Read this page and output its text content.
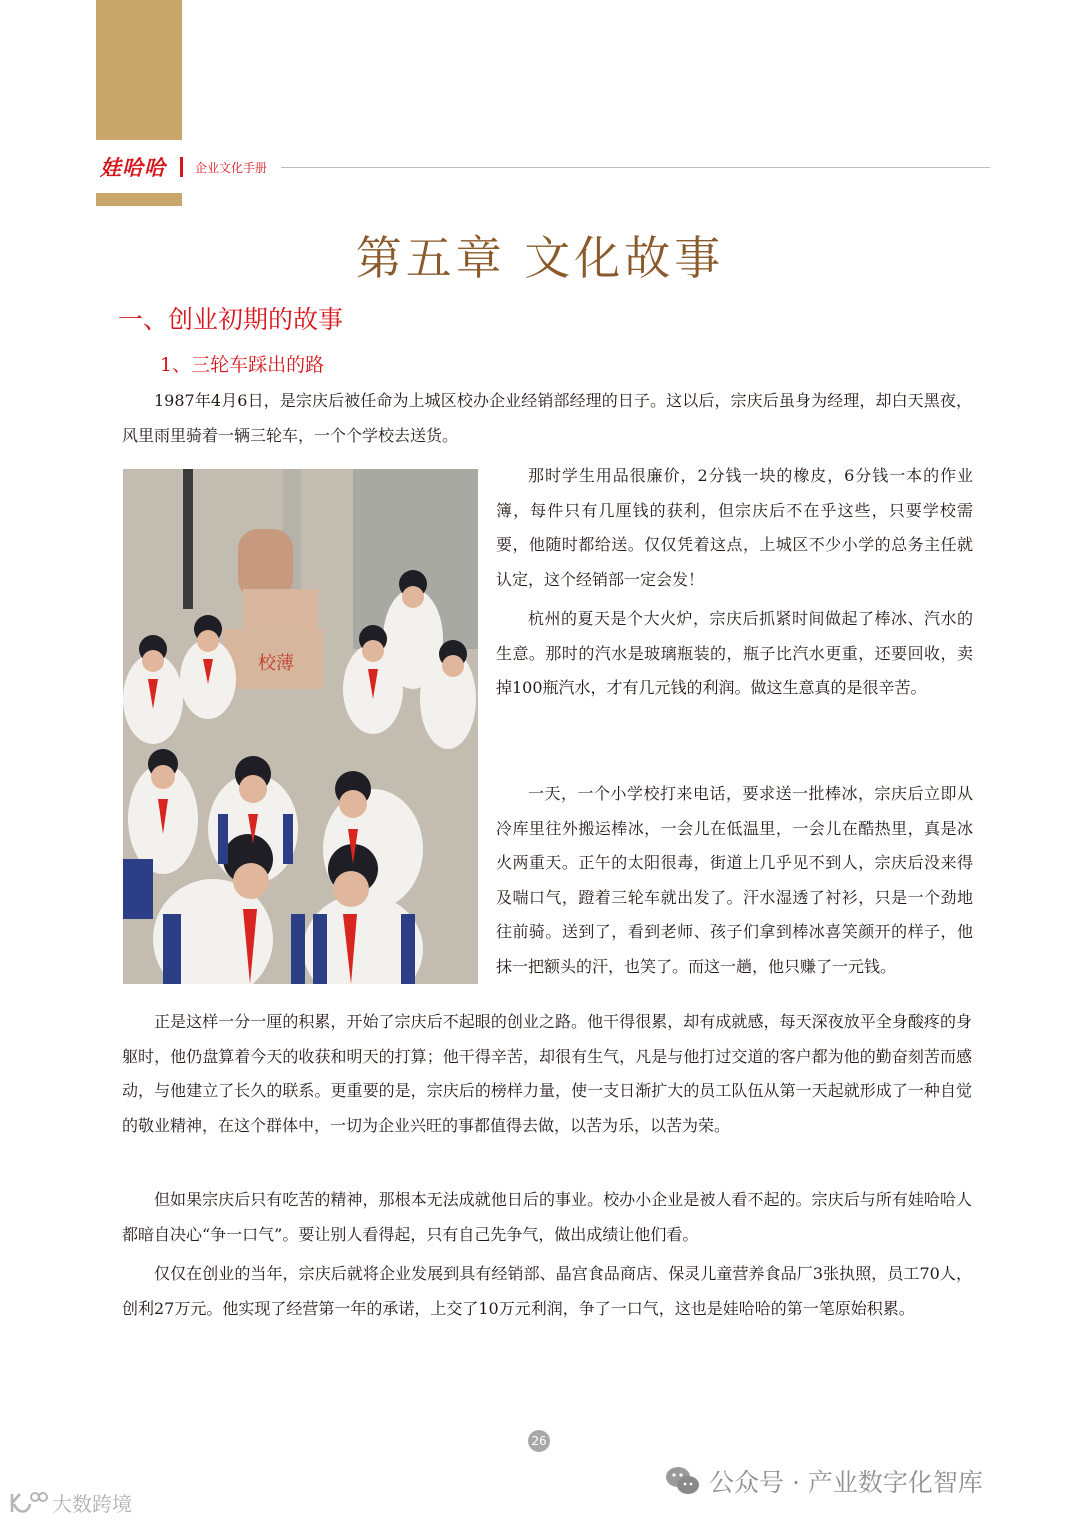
娃哈哈 企业文化手册
第五章 文化故事
一、创业初期的故事
1、三轮车踩出的路

1987年4月6日，是宗庆后被任命为上城区校办企业经销部经理的日子。这以后，宗庆后虽身为经理，却白天黑夜，风里雨里骑着一辆三轮车，一个个学校去送货。

校薄

那时学生用品很廉价，2分钱一块的橡皮，6分钱一本的作业簿，每件只有几厘钱的获利，但宗庆后不在乎这些，只要学校需要，他随时都给送。仅仅凭着这点，上城区不少小学的总务主任就认定，这个经销部一定会发！

杭州的夏天是个大火炉，宗庆后抓紧时间做起了棒冰、汽水的生意。那时的汽水是玻璃瓶装的，瓶子比汽水更重，还要回收，卖掉100瓶汽水，才有几元钱的利润。做这生意真的是很辛苦。

一天，一个小学校打来电话，要求送一批棒冰，宗庆后立即从冷库里往外搬运棒冰，一会儿在低温里，一会儿在酷热里，真是冰火两重天。正午的太阳很毒，街道上几乎见不到人，宗庆后没来得及喘口气，蹬着三轮车就出发了。汗水湿透了衬衫，只是一个劲地往前骑。送到了，看到老师、孩子们拿到棒冰喜笑颜开的样子，他抹一把额头的汗，也笑了。而这一趟，他只赚了一元钱。

正是这样一分一厘的积累，开始了宗庆后不起眼的创业之路。他干得很累，却有成就感，每天深夜放平全身酸疼的身躯时，他仍盘算着今天的收获和明天的打算；他干得辛苦，却很有生气，凡是与他打过交道的客户都为他的勤奋刻苦而感动，与他建立了长久的联系。更重要的是，宗庆后的榜样力量，使一支日渐扩大的员工队伍从第一天起就形成了一种自觉的敬业精神，在这个群体中，一切为企业兴旺的事都值得去做，以苦为乐，以苦为荣。

但如果宗庆后只有吃苦的精神，那根本无法成就他日后的事业。校办小企业是被人看不起的。宗庆后与所有娃哈哈人都暗自决心“争一口气”。要让别人看得起，只有自己先争气，做出成绩让他们看。

仅仅在创业的当年，宗庆后就将企业发展到具有经销部、晶宫食品商店、保灵儿童营养食品厂3张执照，员工70人，创利27万元。他实现了经营第一年的承诺，上交了10万元利润，争了一口气，这也是娃哈哈的第一笔原始积累。

26
公众号 · 产业数字化智库
大数跨境
